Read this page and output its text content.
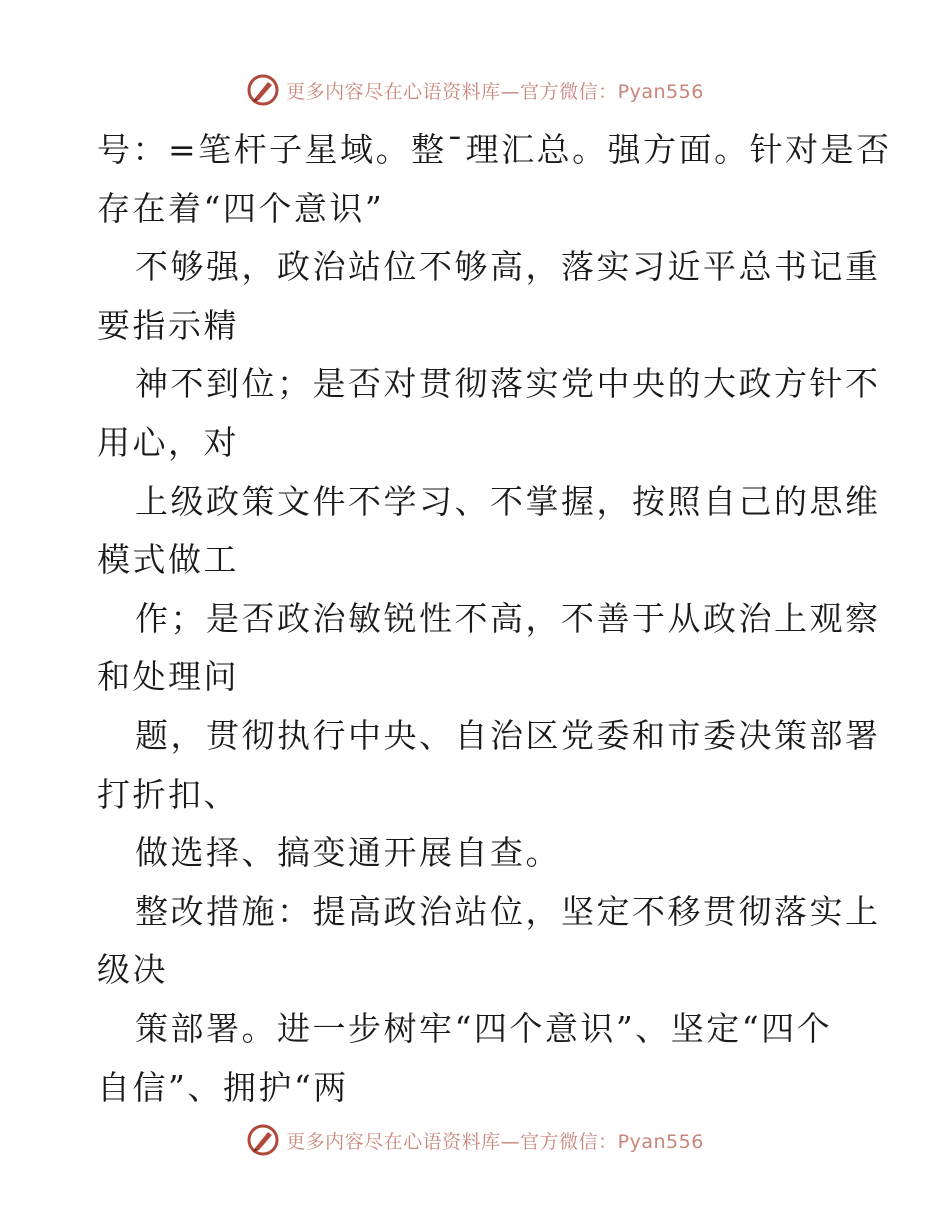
更多内容尽在心语资料库—官方微信：Pyan556
号：=笔杆子星域。整¯理汇总。强方面。针对是否
存在着“四个意识”
不够强，政治站位不够高，落实习近平总书记重
要指示精
神不到位；是否对贯彻落实党中央的大政方针不
用心，对
上级政策文件不学习、不掌握，按照自己的思维
模式做工
作；是否政治敏锐性不高，不善于从政治上观察
和处理问
题，贯彻执行中央、自治区党委和市委决策部署
打折扣、
做选择、搞变通开展自查。
整改措施：提高政治站位，坚定不移贯彻落实上
级决
策部署。进一步树牢“四个意识”、坚定“四个
自信”、拥护“两
更多内容尽在心语资料库—官方微信：Pyan556
